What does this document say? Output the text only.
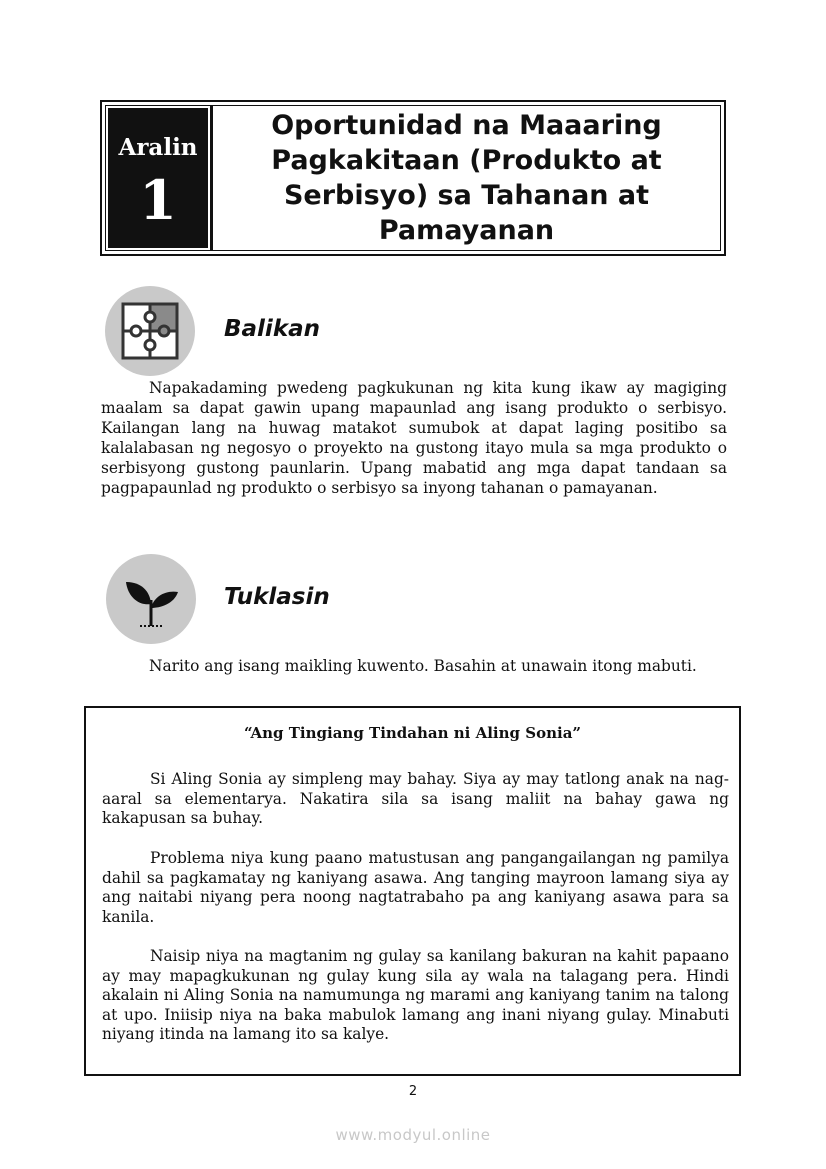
Aralin
1
Oportunidad na Maaaring
Pagkakitaan (Produkto at
Serbisyo) sa Tahanan at
Pamayanan
Balikan
Napakadaming pwedeng pagkukunan ng kita kung ikaw ay magiging maalam sa dapat gawin upang mapaunlad ang isang produkto o serbisyo. Kailangan lang na huwag matakot sumubok at dapat laging positibo sa kalalabasan ng negosyo o proyekto na gustong itayo mula sa mga produkto o serbisyong gustong paunlarin. Upang mabatid ang mga dapat tandaan sa pagpapaunlad ng produkto o serbisyo sa inyong tahanan o pamayanan.
Tuklasin
Narito ang isang maikling kuwento. Basahin at unawain itong mabuti.
“Ang Tingiang Tindahan ni Aling Sonia”
Si Aling Sonia ay simpleng may bahay. Siya ay may tatlong anak na nag-aaral sa elementarya. Nakatira sila sa isang maliit na bahay gawa ng kakapusan sa buhay.
Problema niya kung paano matustusan ang pangangailangan ng pamilya dahil sa pagkamatay ng kaniyang asawa. Ang tanging mayroon lamang siya ay ang naitabi niyang pera noong nagtatrabaho pa ang kaniyang asawa para sa kanila.
Naisip niya na magtanim ng gulay sa kanilang bakuran na kahit papaano ay may mapagkukunan ng gulay kung sila ay wala na talagang pera. Hindi akalain ni Aling Sonia na namumunga ng marami ang kaniyang tanim na talong at upo. Iniisip niya na baka mabulok lamang ang inani niyang gulay. Minabuti niyang itinda na lamang ito sa kalye.
2
www.modyul.online
